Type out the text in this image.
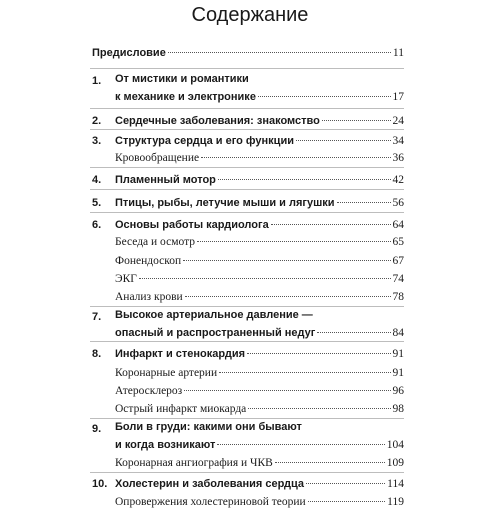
Содержание
Предисловие	11
1.	От мистики и романтики
к механике и электронике	17
2.	Сердечные заболевания: знакомство	24
3.	Структура сердца и его функции	34
Кровообращение	36
4.	Пламенный мотор	42
5.	Птицы, рыбы, летучие мыши и лягушки	56
6.	Основы работы кардиолога	64
Беседа и осмотр	65
Фонендоскоп	67
ЭКГ	74
Анализ крови	78
7.	Высокое артериальное давление —
опасный и распространенный недуг	84
8.	Инфаркт и стенокардия	91
Коронарные артерии	91
Атеросклероз	96
Острый инфаркт миокарда	98
9.	Боли в груди: какими они бывают
и когда возникают	104
Коронарная ангиография и ЧКВ	109
10. Холестерин и заболевания сердца	114
Опровержения холестериновой теории	119
